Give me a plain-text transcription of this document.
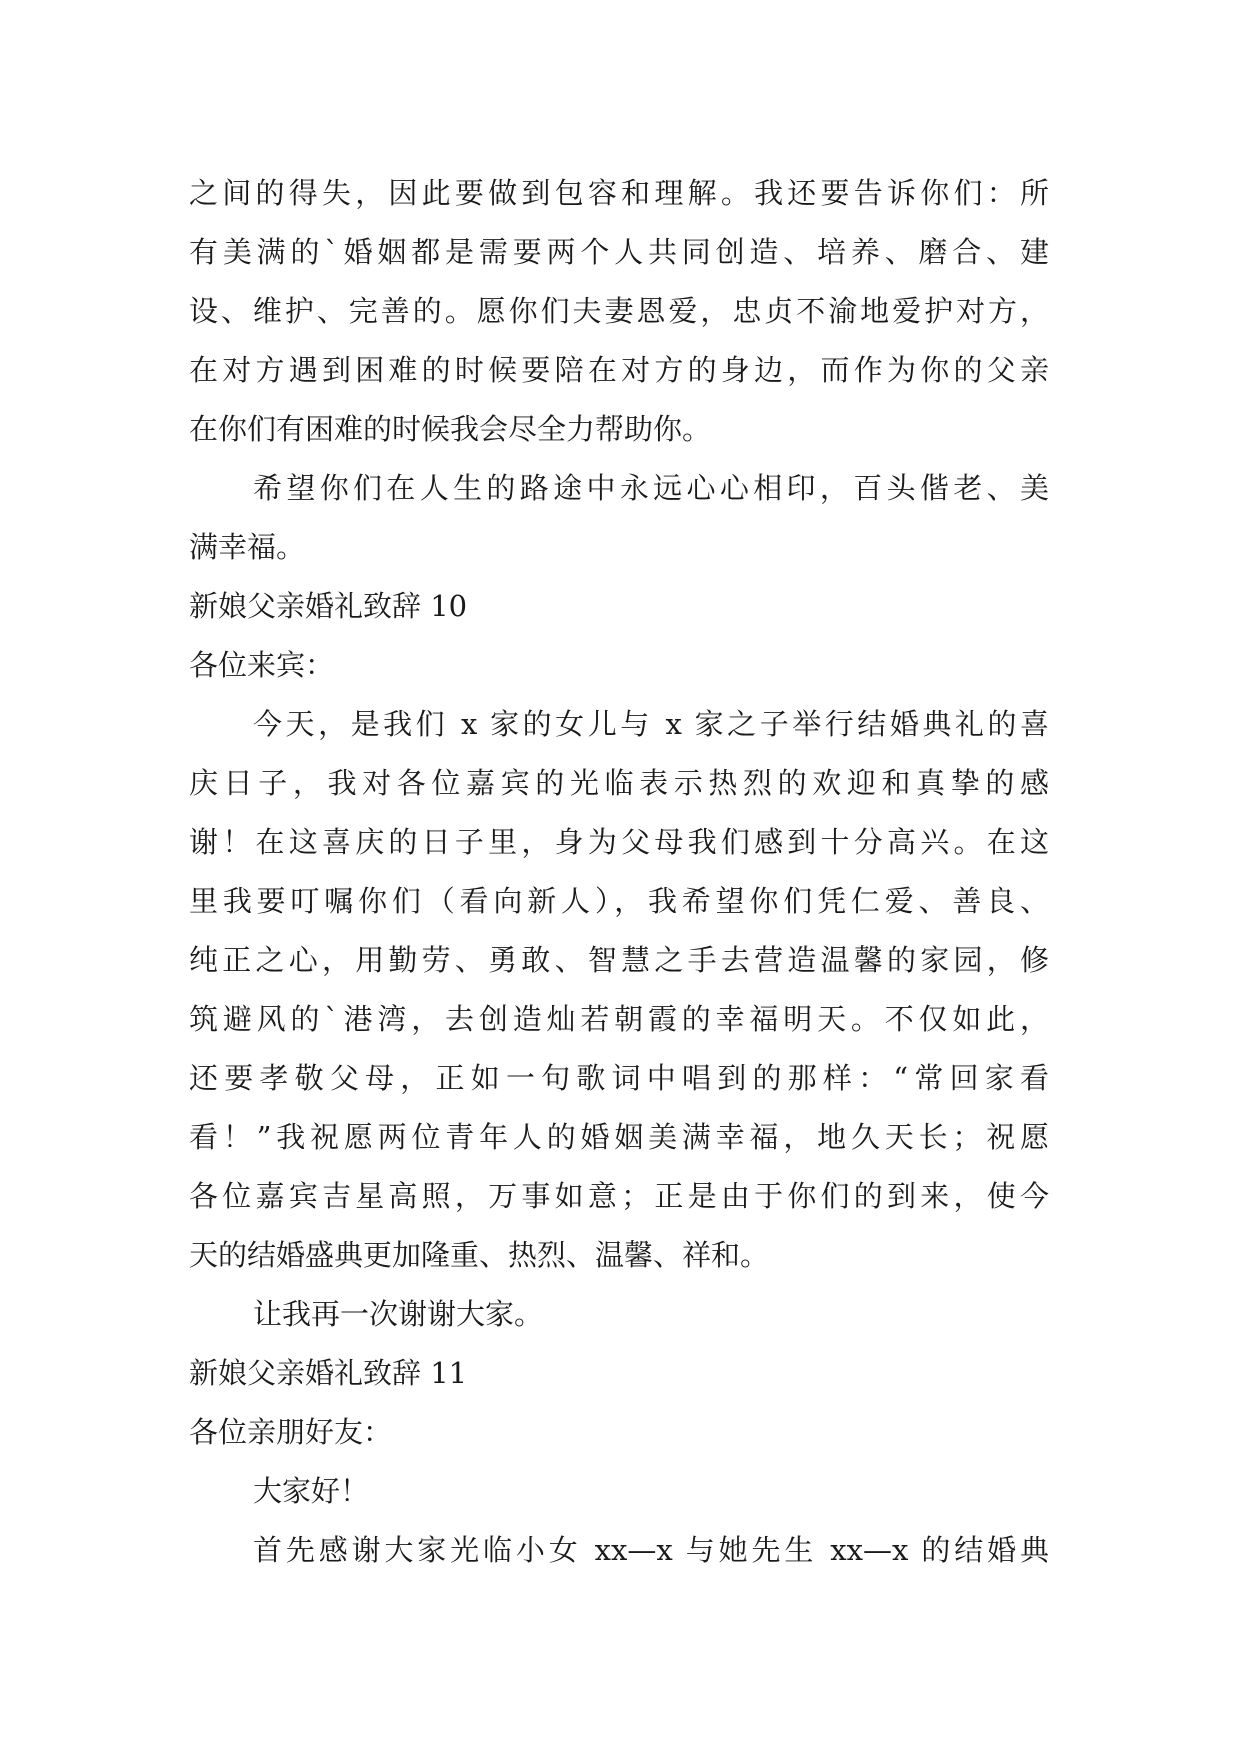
之间的得失，因此要做到包容和理解。我还要告诉你们：所
有美满的`婚姻都是需要两个人共同创造、培养、磨合、建
设、维护、完善的。愿你们夫妻恩爱，忠贞不渝地爱护对方，
在对方遇到困难的时候要陪在对方的身边，而作为你的父亲
在你们有困难的时候我会尽全力帮助你。
希望你们在人生的路途中永远心心相印，百头偕老、美
满幸福。
新娘父亲婚礼致辞 10
各位来宾：
今天，是我们 x 家的女儿与 x 家之子举行结婚典礼的喜
庆日子，我对各位嘉宾的光临表示热烈的欢迎和真挚的感
谢！在这喜庆的日子里，身为父母我们感到十分高兴。在这
里我要叮嘱你们（看向新人），我希望你们凭仁爱、善良、
纯正之心，用勤劳、勇敢、智慧之手去营造温馨的家园，修
筑避风的`港湾，去创造灿若朝霞的幸福明天。不仅如此，
还要孝敬父母，正如一句歌词中唱到的那样：“常回家看
看！”我祝愿两位青年人的婚姻美满幸福，地久天长；祝愿
各位嘉宾吉星高照，万事如意；正是由于你们的到来，使今
天的结婚盛典更加隆重、热烈、温馨、祥和。
让我再一次谢谢大家。
新娘父亲婚礼致辞 11
各位亲朋好友：
大家好！
首先感谢大家光临小女 xx—x 与她先生 xx—x 的结婚典
